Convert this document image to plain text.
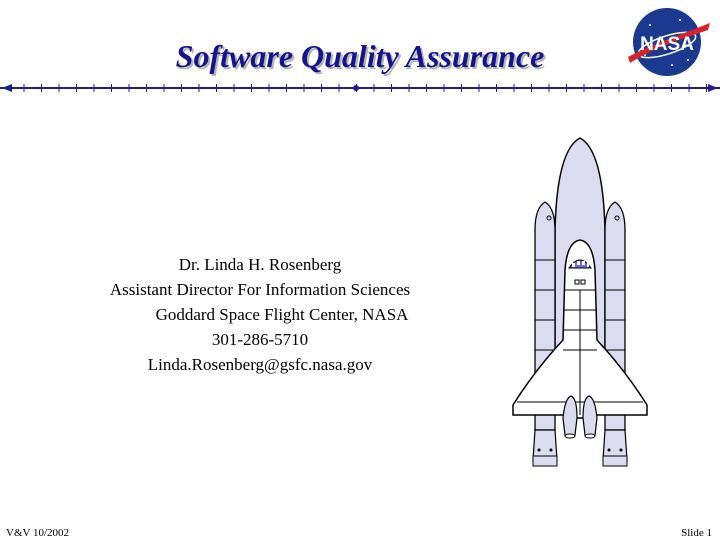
Software Quality Assurance	NASA
Dr. Linda H. Rosenberg
Assistant Director For Information Sciences
Goddard Space Flight Center, NASA
301-286-5710
Linda.Rosenberg@gsfc.nasa.gov
V&V 10/2002	Slide 1
